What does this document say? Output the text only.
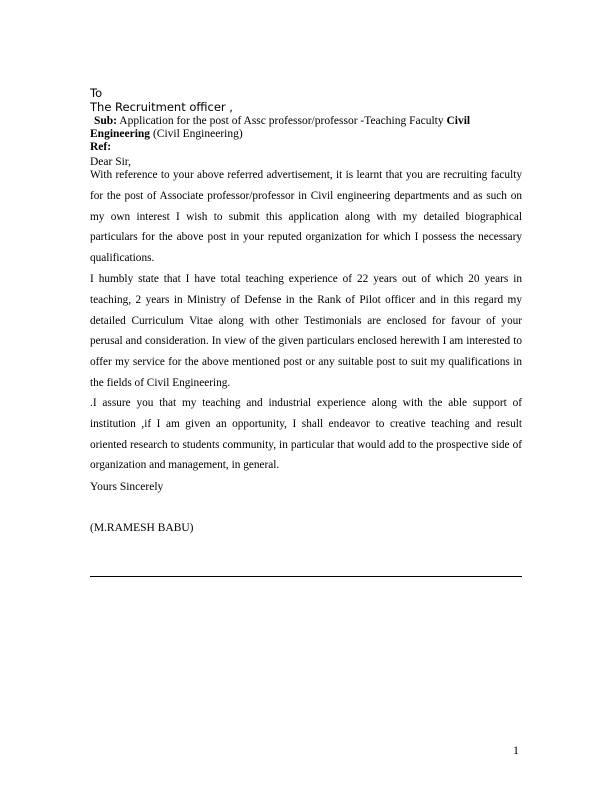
To
The Recruitment officer ,
Sub: Application for the post of Assc professor/professor -Teaching Faculty Civil Engineering (Civil Engineering)
Ref:
Dear Sir,
With reference to your above referred advertisement, it is learnt that you are recruiting faculty for the post of Associate professor/professor in Civil engineering departments and as such on my own interest I wish to submit this application along with my detailed biographical particulars for the above post in your reputed organization for which I possess the necessary qualifications.
I humbly state that I have total teaching experience of 22 years out of which 20 years in teaching, 2 years in Ministry of Defense in the Rank of Pilot officer and in this regard my detailed Curriculum Vitae along with other Testimonials are enclosed for favour of your perusal and consideration. In view of the given particulars enclosed herewith I am interested to offer my service for the above mentioned post or any suitable post to suit my qualifications in the fields of Civil Engineering.
.I assure you that my teaching and industrial experience along with the able support of institution ,if I am given an opportunity, I shall endeavor to creative teaching and result oriented research to students community, in particular that would add to the prospective side of organization and management, in general.
Yours Sincerely
(M.RAMESH BABU)
1
